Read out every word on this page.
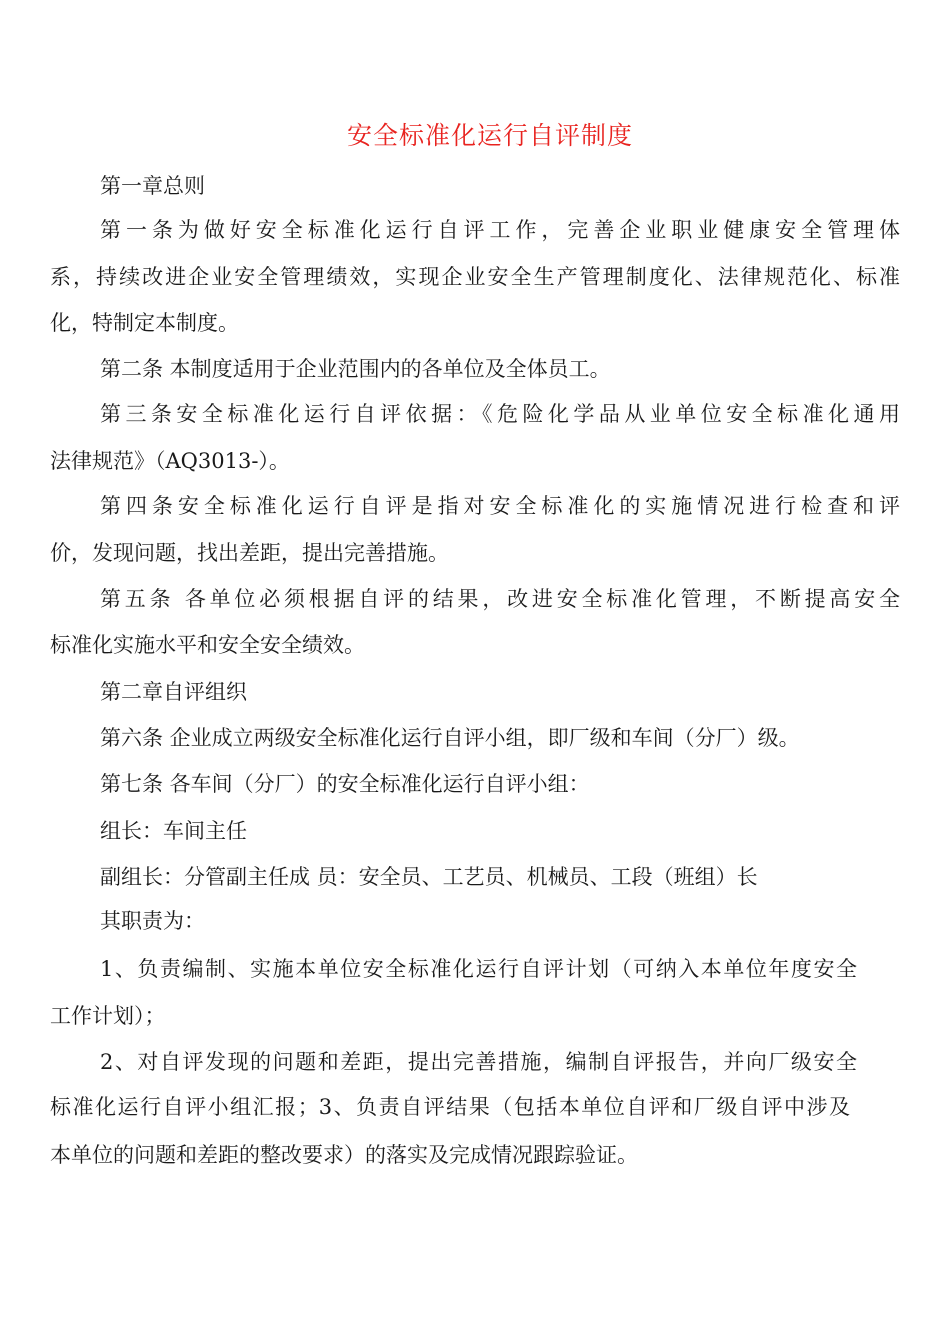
安全标准化运行自评制度
第一章总则
第一条为做好安全标准化运行自评工作，完善企业职业健康安全管理体
系，持续改进企业安全管理绩效，实现企业安全生产管理制度化、法律规范化、标准
化，特制定本制度。
第二条 本制度适用于企业范围内的各单位及全体员工。
第三条安全标准化运行自评依据：《危险化学品从业单位安全标准化通用
法律规范》（AQ3013-）。
第四条安全标准化运行自评是指对安全标准化的实施情况进行检查和评
价，发现问题，找出差距，提出完善措施。
第五条 各单位必须根据自评的结果，改进安全标准化管理，不断提高安全
标准化实施水平和安全安全绩效。
第二章自评组织
第六条 企业成立两级安全标准化运行自评小组，即厂级和车间（分厂）级。
第七条 各车间（分厂）的安全标准化运行自评小组：
组长：车间主任
副组长：分管副主任成 员：安全员、工艺员、机械员、工段（班组）长
其职责为：
1、负责编制、实施本单位安全标准化运行自评计划（可纳入本单位年度安全
工作计划）；
2、对自评发现的问题和差距，提出完善措施，编制自评报告，并向厂级安全
标准化运行自评小组汇报；3、负责自评结果（包括本单位自评和厂级自评中涉及
本单位的问题和差距的整改要求）的落实及完成情况跟踪验证。
